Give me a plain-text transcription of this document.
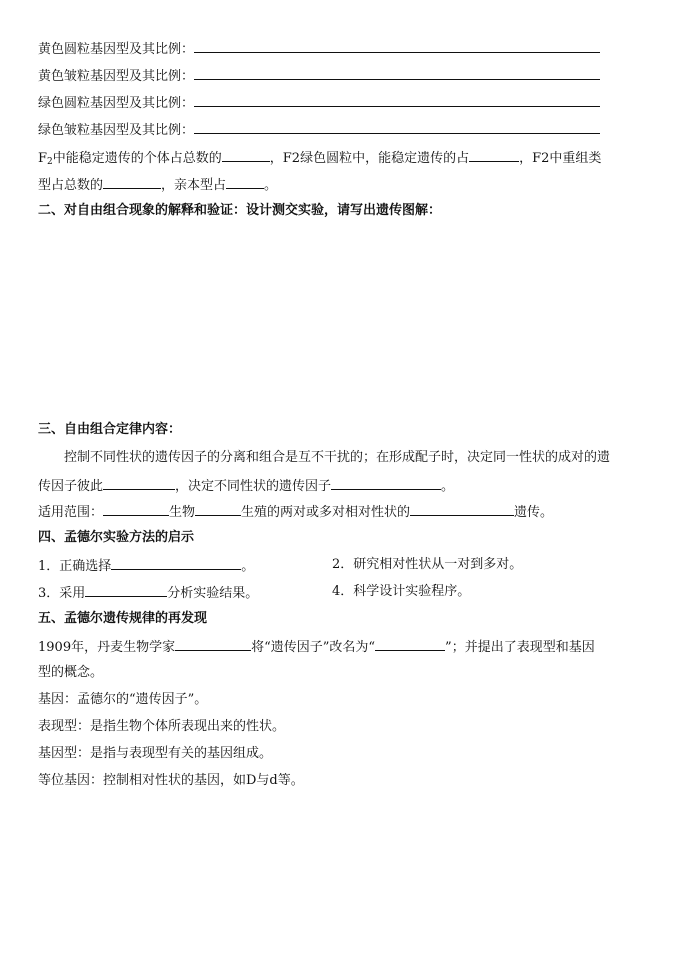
黄色圆粒基因型及其比例：
黄色皱粒基因型及其比例：
绿色圆粒基因型及其比例：
绿色皱粒基因型及其比例：
$F_2$中能稳定遗传的个体占总数的	，F2绿色圆粒中，能稳定遗传的占	，F2中重组类
型占总数的	，亲本型占	。
二、对自由组合现象的解释和验证：设计测交实验，请写出遗传图解：
三、自由组合定律内容：
控制不同性状的遗传因子的分离和组合是互不干扰的；在形成配子时，决定同一性状的成对的遗
传因子彼此	，决定不同性状的遗传因子	。
适用范围：	生物	生殖的两对或多对相对性状的	遗传。
四、孟德尔实验方法的启示
1．正确选择	。	2．研究相对性状从一对到多对。
3．采用	分析实验结果。	4．科学设计实验程序。
五、孟德尔遗传规律的再发现
1909年，丹麦生物学家	将“遗传因子”改名为“	”；并提出了表现型和基因
型的概念。
基因：孟德尔的“遗传因子”。
表现型：是指生物个体所表现出来的性状。
基因型：是指与表现型有关的基因组成。
等位基因：控制相对性状的基因，如D与d等。
